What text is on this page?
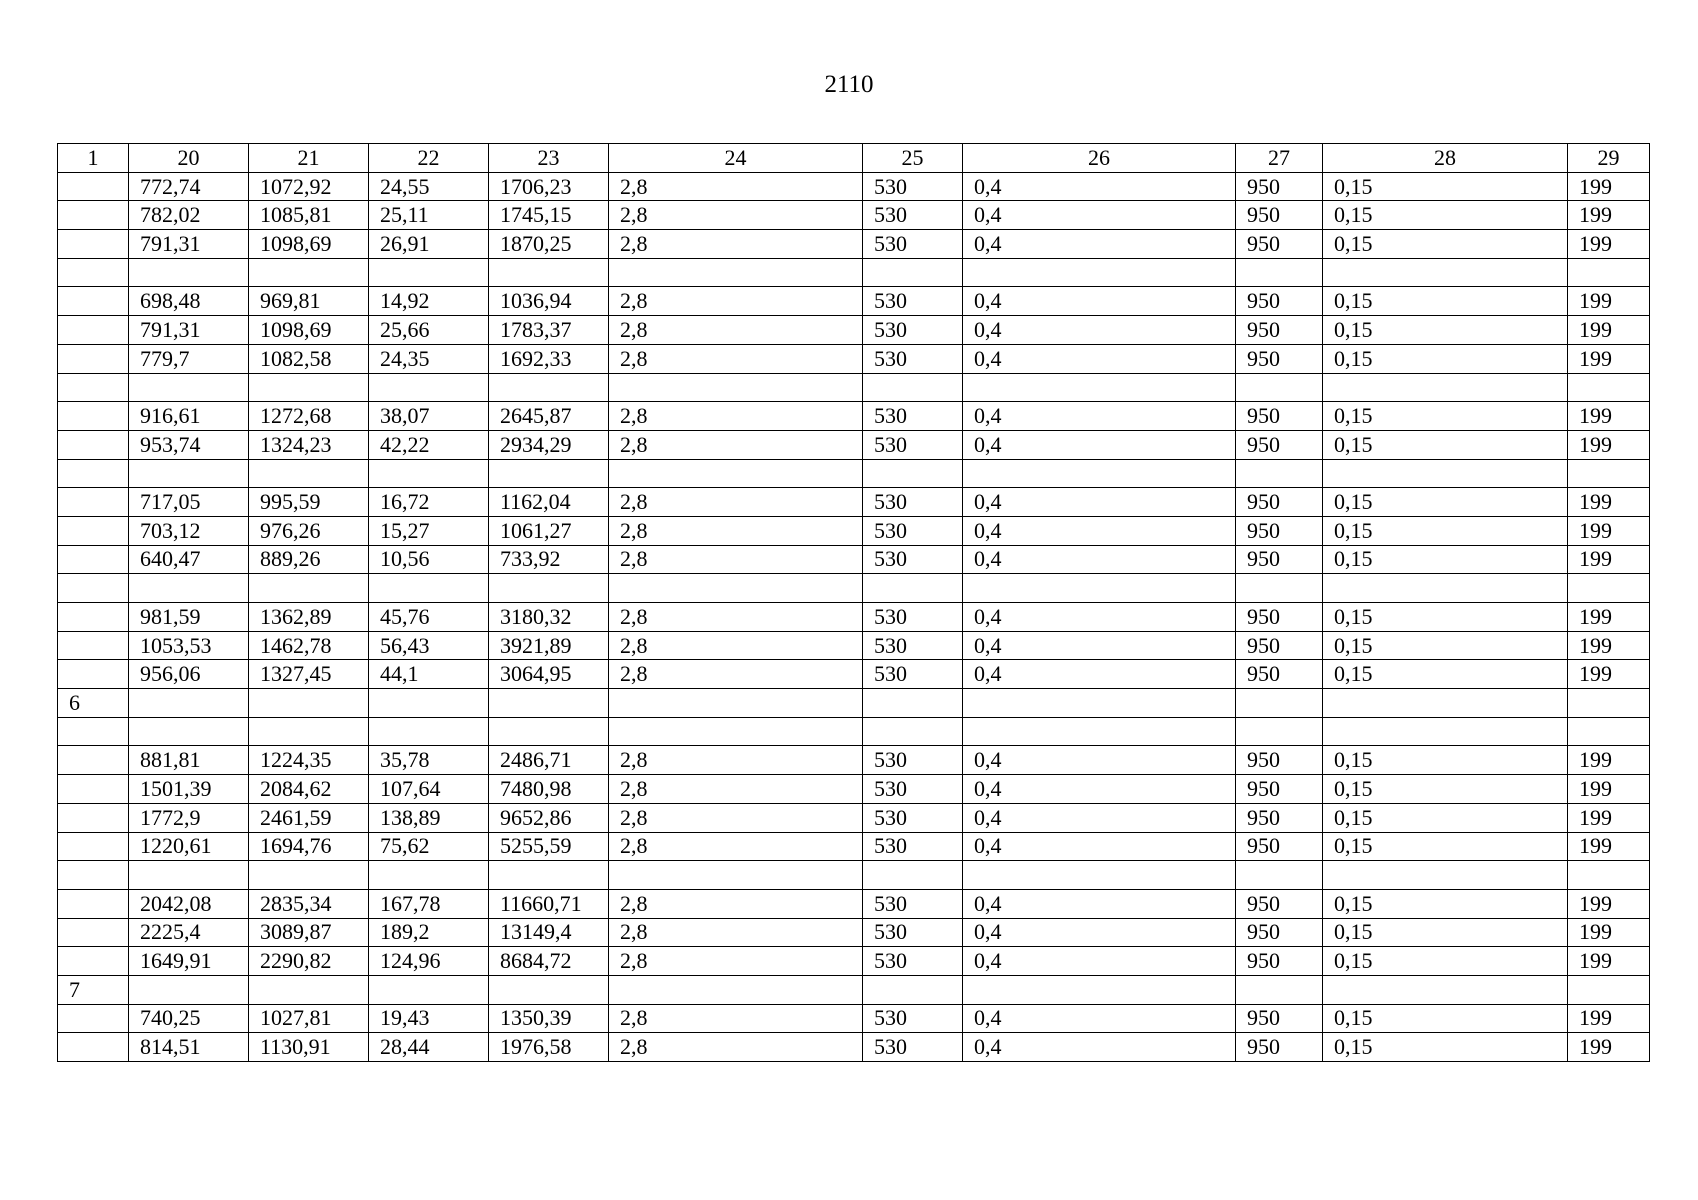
2110
1	20	21	22	23	24	25	26	27	28	29
	772,74	1072,92	24,55	1706,23	2,8	530	0,4	950	0,15	199
	782,02	1085,81	25,11	1745,15	2,8	530	0,4	950	0,15	199
	791,31	1098,69	26,91	1870,25	2,8	530	0,4	950	0,15	199

	698,48	969,81	14,92	1036,94	2,8	530	0,4	950	0,15	199
	791,31	1098,69	25,66	1783,37	2,8	530	0,4	950	0,15	199
	779,7	1082,58	24,35	1692,33	2,8	530	0,4	950	0,15	199

	916,61	1272,68	38,07	2645,87	2,8	530	0,4	950	0,15	199
	953,74	1324,23	42,22	2934,29	2,8	530	0,4	950	0,15	199

	717,05	995,59	16,72	1162,04	2,8	530	0,4	950	0,15	199
	703,12	976,26	15,27	1061,27	2,8	530	0,4	950	0,15	199
	640,47	889,26	10,56	733,92	2,8	530	0,4	950	0,15	199

	981,59	1362,89	45,76	3180,32	2,8	530	0,4	950	0,15	199
	1053,53	1462,78	56,43	3921,89	2,8	530	0,4	950	0,15	199
	956,06	1327,45	44,1	3064,95	2,8	530	0,4	950	0,15	199
6										

	881,81	1224,35	35,78	2486,71	2,8	530	0,4	950	0,15	199
	1501,39	2084,62	107,64	7480,98	2,8	530	0,4	950	0,15	199
	1772,9	2461,59	138,89	9652,86	2,8	530	0,4	950	0,15	199
	1220,61	1694,76	75,62	5255,59	2,8	530	0,4	950	0,15	199

	2042,08	2835,34	167,78	11660,71	2,8	530	0,4	950	0,15	199
	2225,4	3089,87	189,2	13149,4	2,8	530	0,4	950	0,15	199
	1649,91	2290,82	124,96	8684,72	2,8	530	0,4	950	0,15	199
7										
	740,25	1027,81	19,43	1350,39	2,8	530	0,4	950	0,15	199
	814,51	1130,91	28,44	1976,58	2,8	530	0,4	950	0,15	199
